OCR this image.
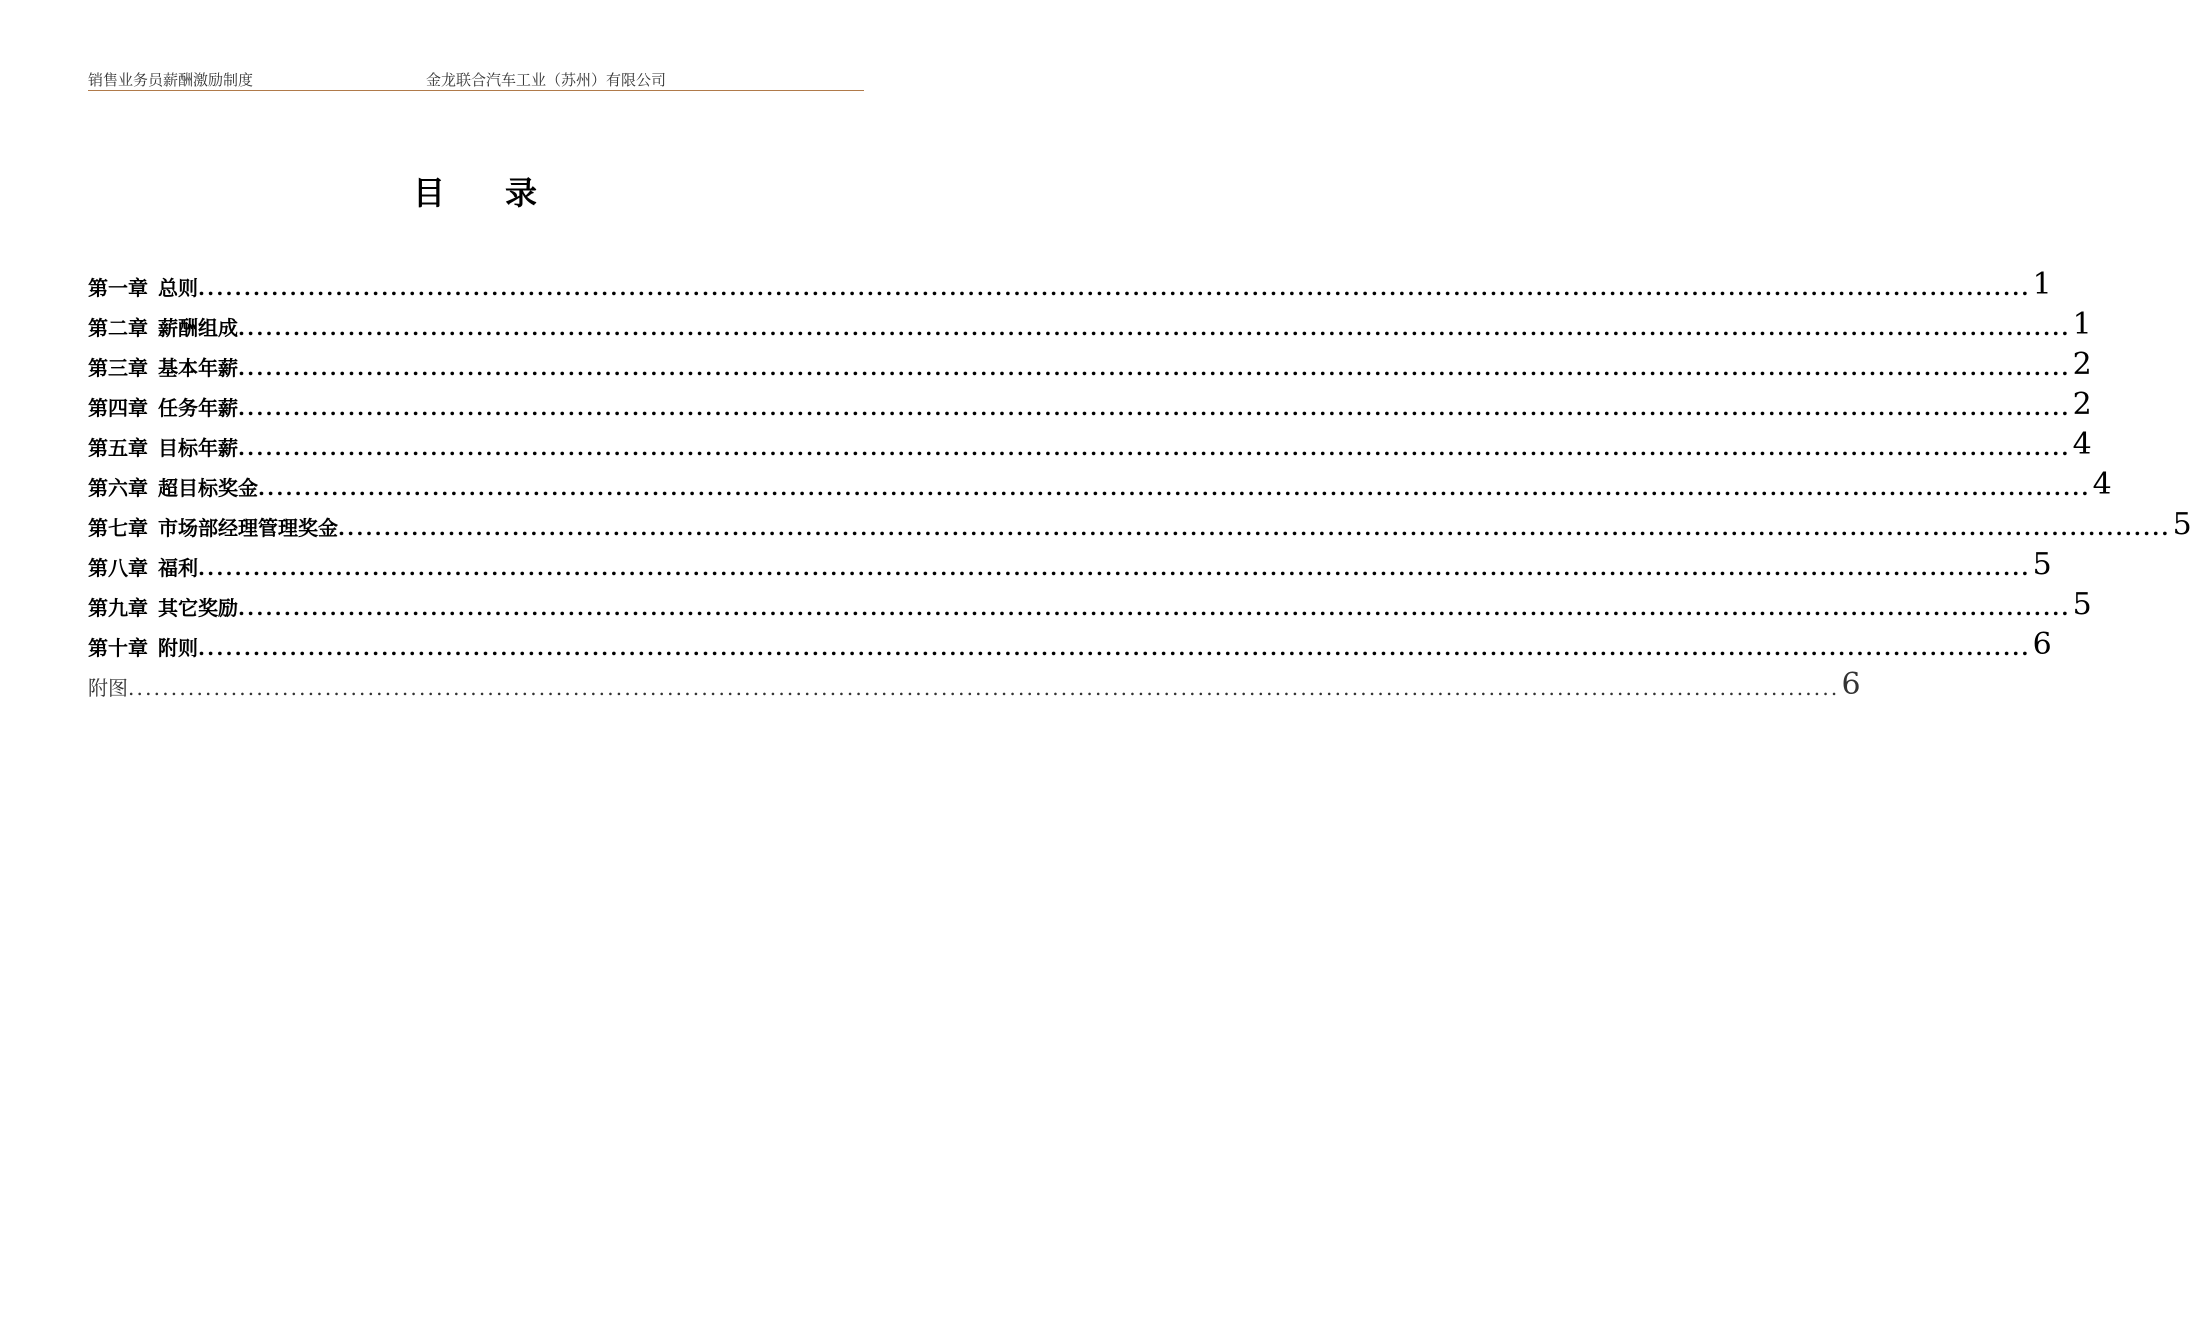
销售业务员薪酬激励制度	金龙联合汽车工业（苏州）有限公司
目录
第一章 总则 ........................................................................................................................................................................................................ 1
第二章 薪酬组成 ........................................................................................................................................................................................................ 1
第三章 基本年薪 ........................................................................................................................................................................................................ 2
第四章 任务年薪 ........................................................................................................................................................................................................ 2
第五章 目标年薪 ........................................................................................................................................................................................................ 4
第六章 超目标奖金 ........................................................................................................................................................................................................ 4
第七章 市场部经理管理奖金 ........................................................................................................................................................................................................ 5
第八章 福利 ........................................................................................................................................................................................................ 5
第九章 其它奖励 ........................................................................................................................................................................................................ 5
第十章 附则 ........................................................................................................................................................................................................ 6
附图 ........................................................................................................................................................................................................ 6
